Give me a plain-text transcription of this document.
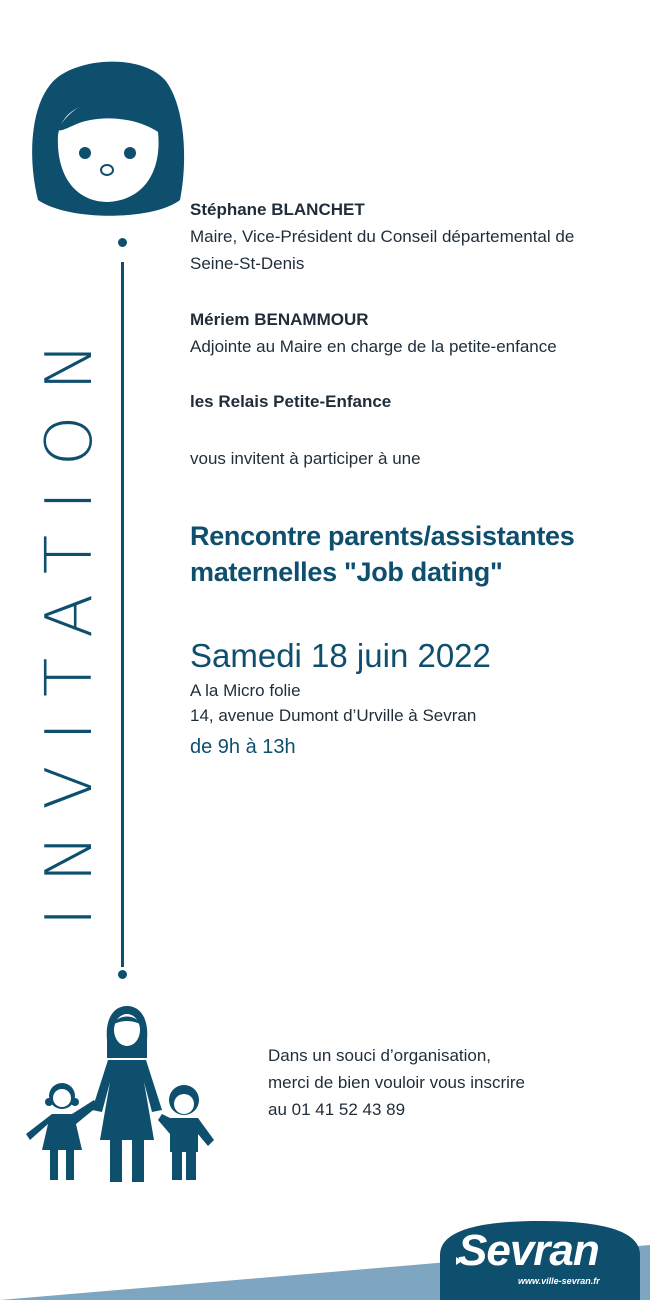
INVITATION
Stéphane BLANCHET
Maire, Vice-Président du Conseil départemental de
Seine-St-Denis
Mériem BENAMMOUR
Adjointe au Maire en charge de la petite-enfance
les Relais Petite-Enfance
vous invitent à participer à une
Rencontre parents/assistantes
maternelles "Job dating"
Samedi 18 juin 2022
A la Micro folie
14, avenue Dumont d’Urville à Sevran
de 9h à 13h
Dans un souci d’organisation,
merci de bien vouloir vous inscrire
au 01 41 52 43 89
Sevran
www.ville-sevran.fr
